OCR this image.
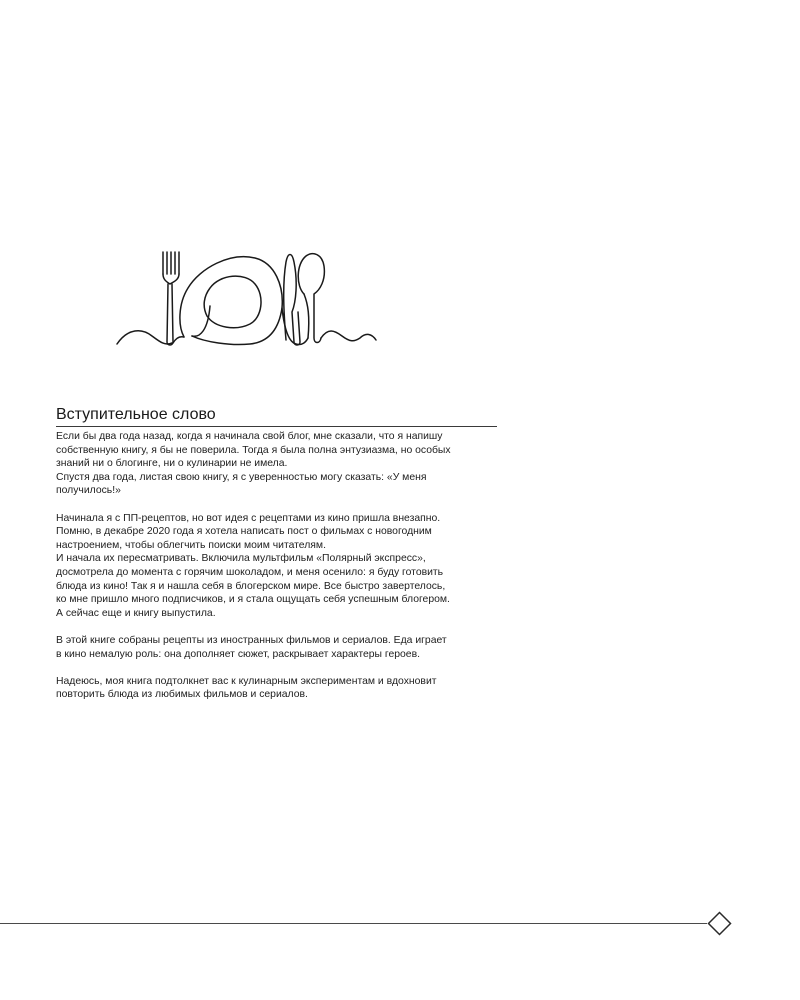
Вступительное слово

Если бы два года назад, когда я начинала свой блог, мне сказали, что я напишу
собственную книгу, я бы не поверила. Тогда я была полна энтузиазма, но особых
знаний ни о блогинге, ни о кулинарии не имела.
Спустя два года, листая свою книгу, я с уверенностью могу сказать: «У меня
получилось!»

Начинала я с ПП-рецептов, но вот идея с рецептами из кино пришла внезапно.
Помню, в декабре 2020 года я хотела написать пост о фильмах с новогодним
настроением, чтобы облегчить поиски моим читателям.
И начала их пересматривать. Включила мультфильм «Полярный экспресс»,
досмотрела до момента с горячим шоколадом, и меня осенило: я буду готовить
блюда из кино! Так я и нашла себя в блогерском мире. Все быстро завертелось,
ко мне пришло много подписчиков, и я стала ощущать себя успешным блогером.
А сейчас еще и книгу выпустила.

В этой книге собраны рецепты из иностранных фильмов и сериалов. Еда играет
в кино немалую роль: она дополняет сюжет, раскрывает характеры героев.

Надеюсь, моя книга подтолкнет вас к кулинарным экспериментам и вдохновит
повторить блюда из любимых фильмов и сериалов.
